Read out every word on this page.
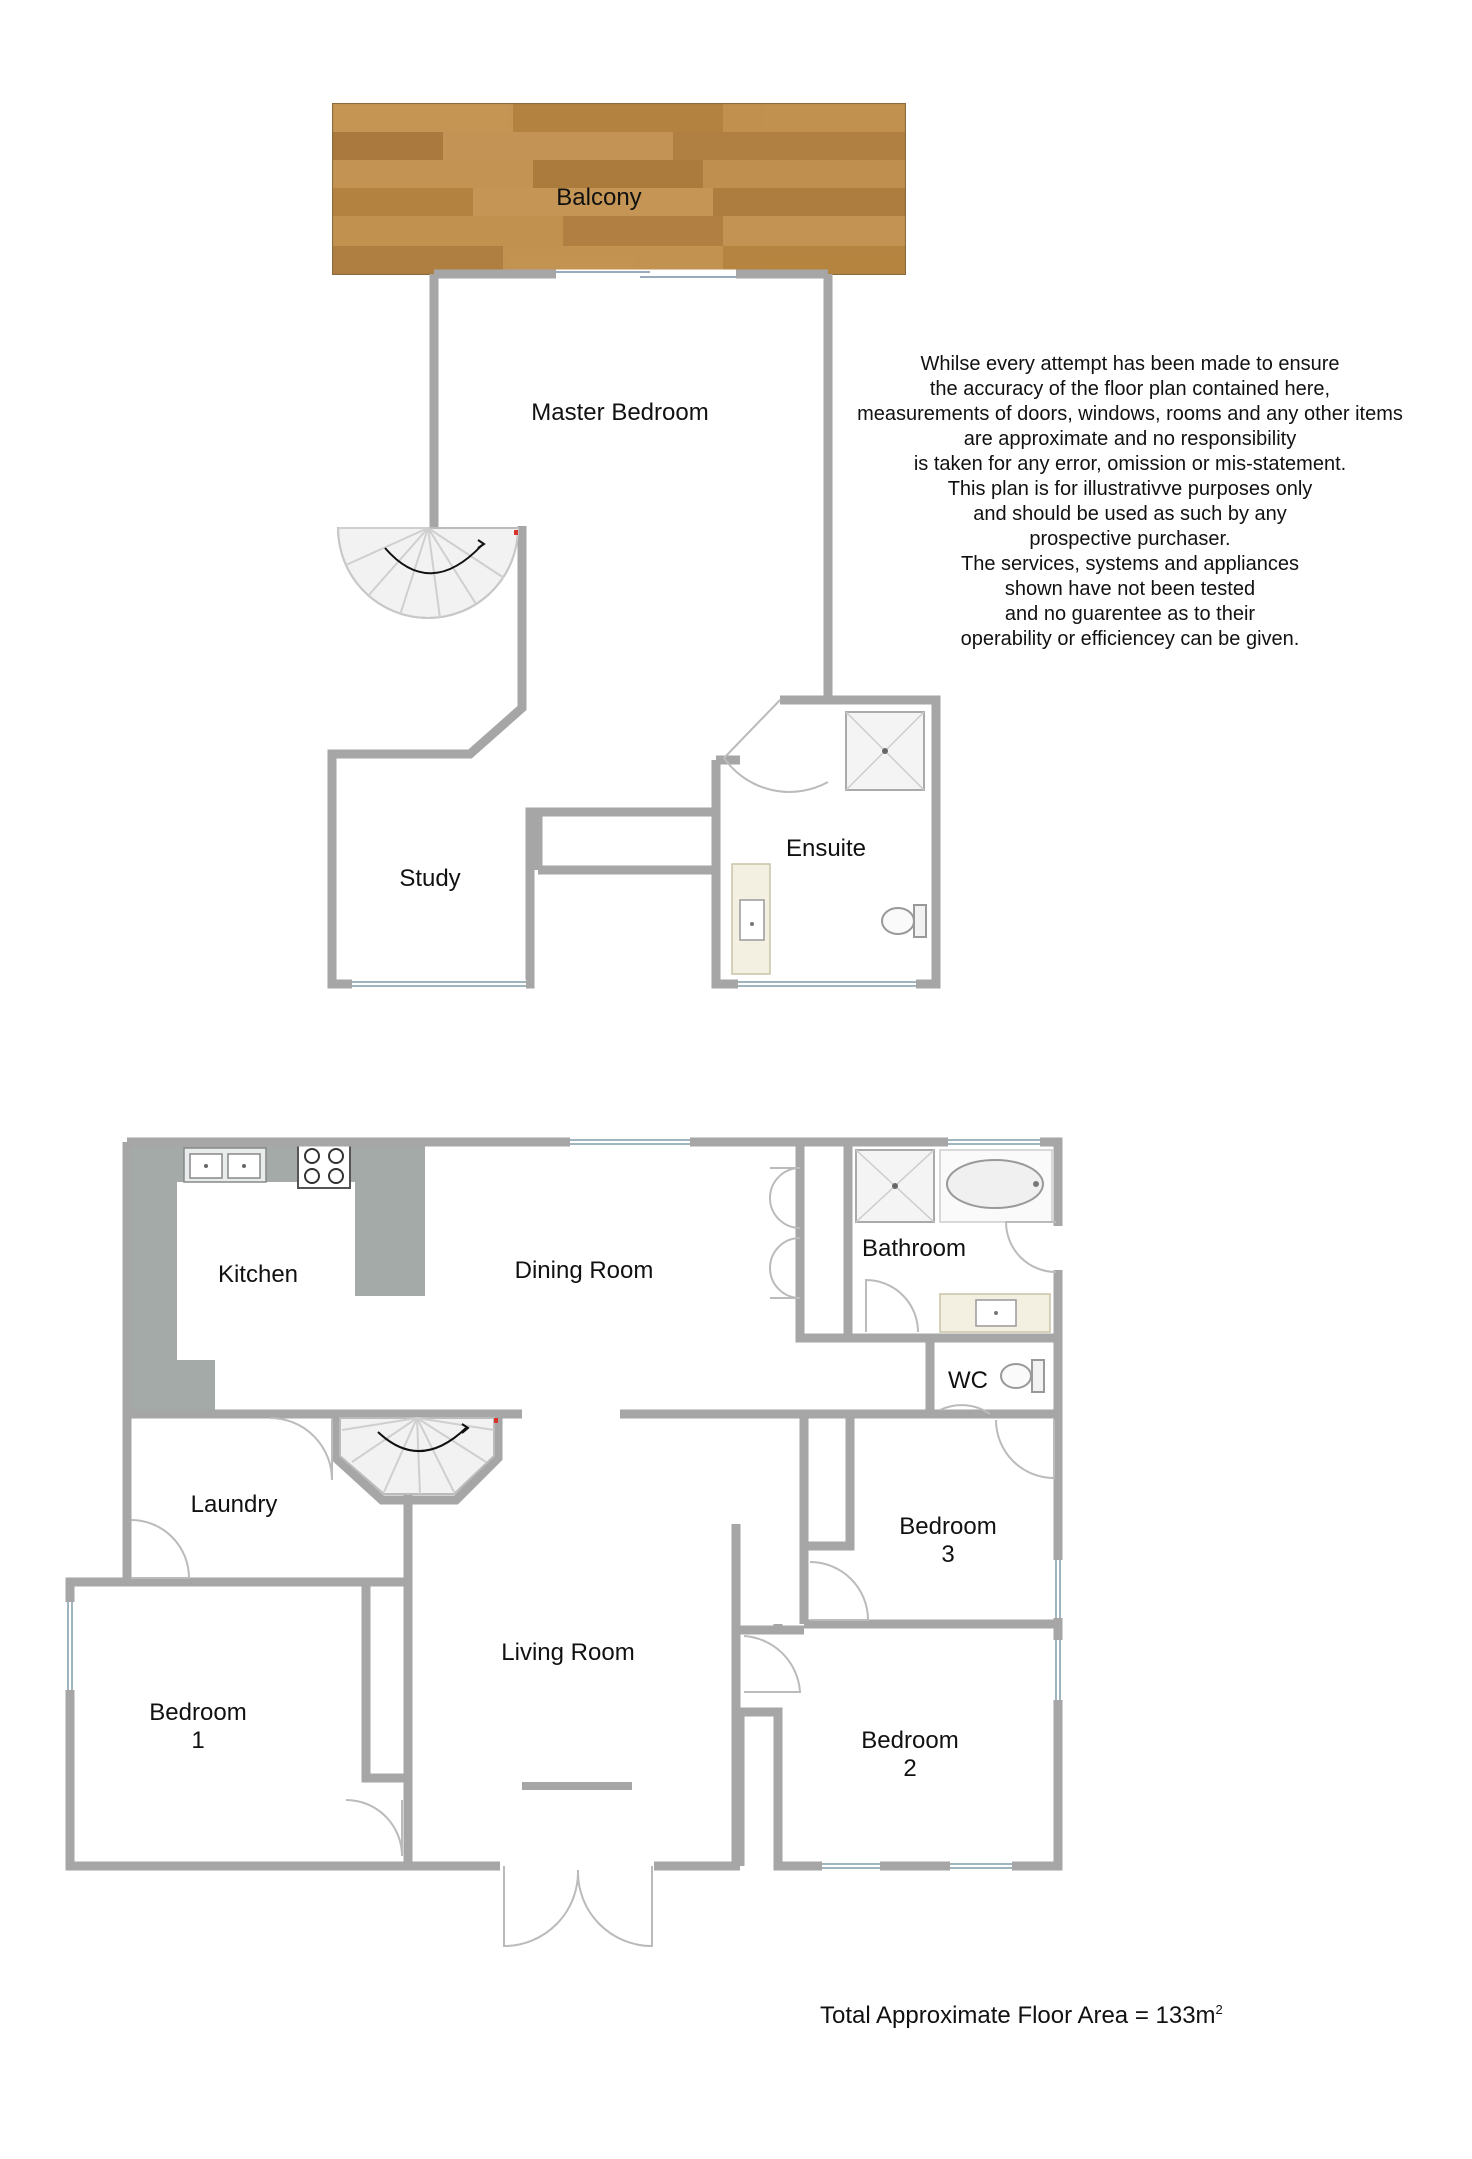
Balcony
Master Bedroom
Study
Ensuite
Kitchen	Dining Room
Bathroom
WC
Laundry
Living Room
Bedroom
1	Bedroom
2
Bedroom
3
Whilse every attempt has been made to ensure
the accuracy of the floor plan contained here,
measurements of doors, windows, rooms and any other items
are approximate and no responsibility
is taken for any error, omission or mis-statement.
This plan is for illustrativve purposes only
and should be used as such by any
prospective purchaser.
The services, systems and appliances
shown have not been tested
and no guarentee as to their
operability or efficiencey can be given.
Total Approximate Floor Area = $133m^2$
